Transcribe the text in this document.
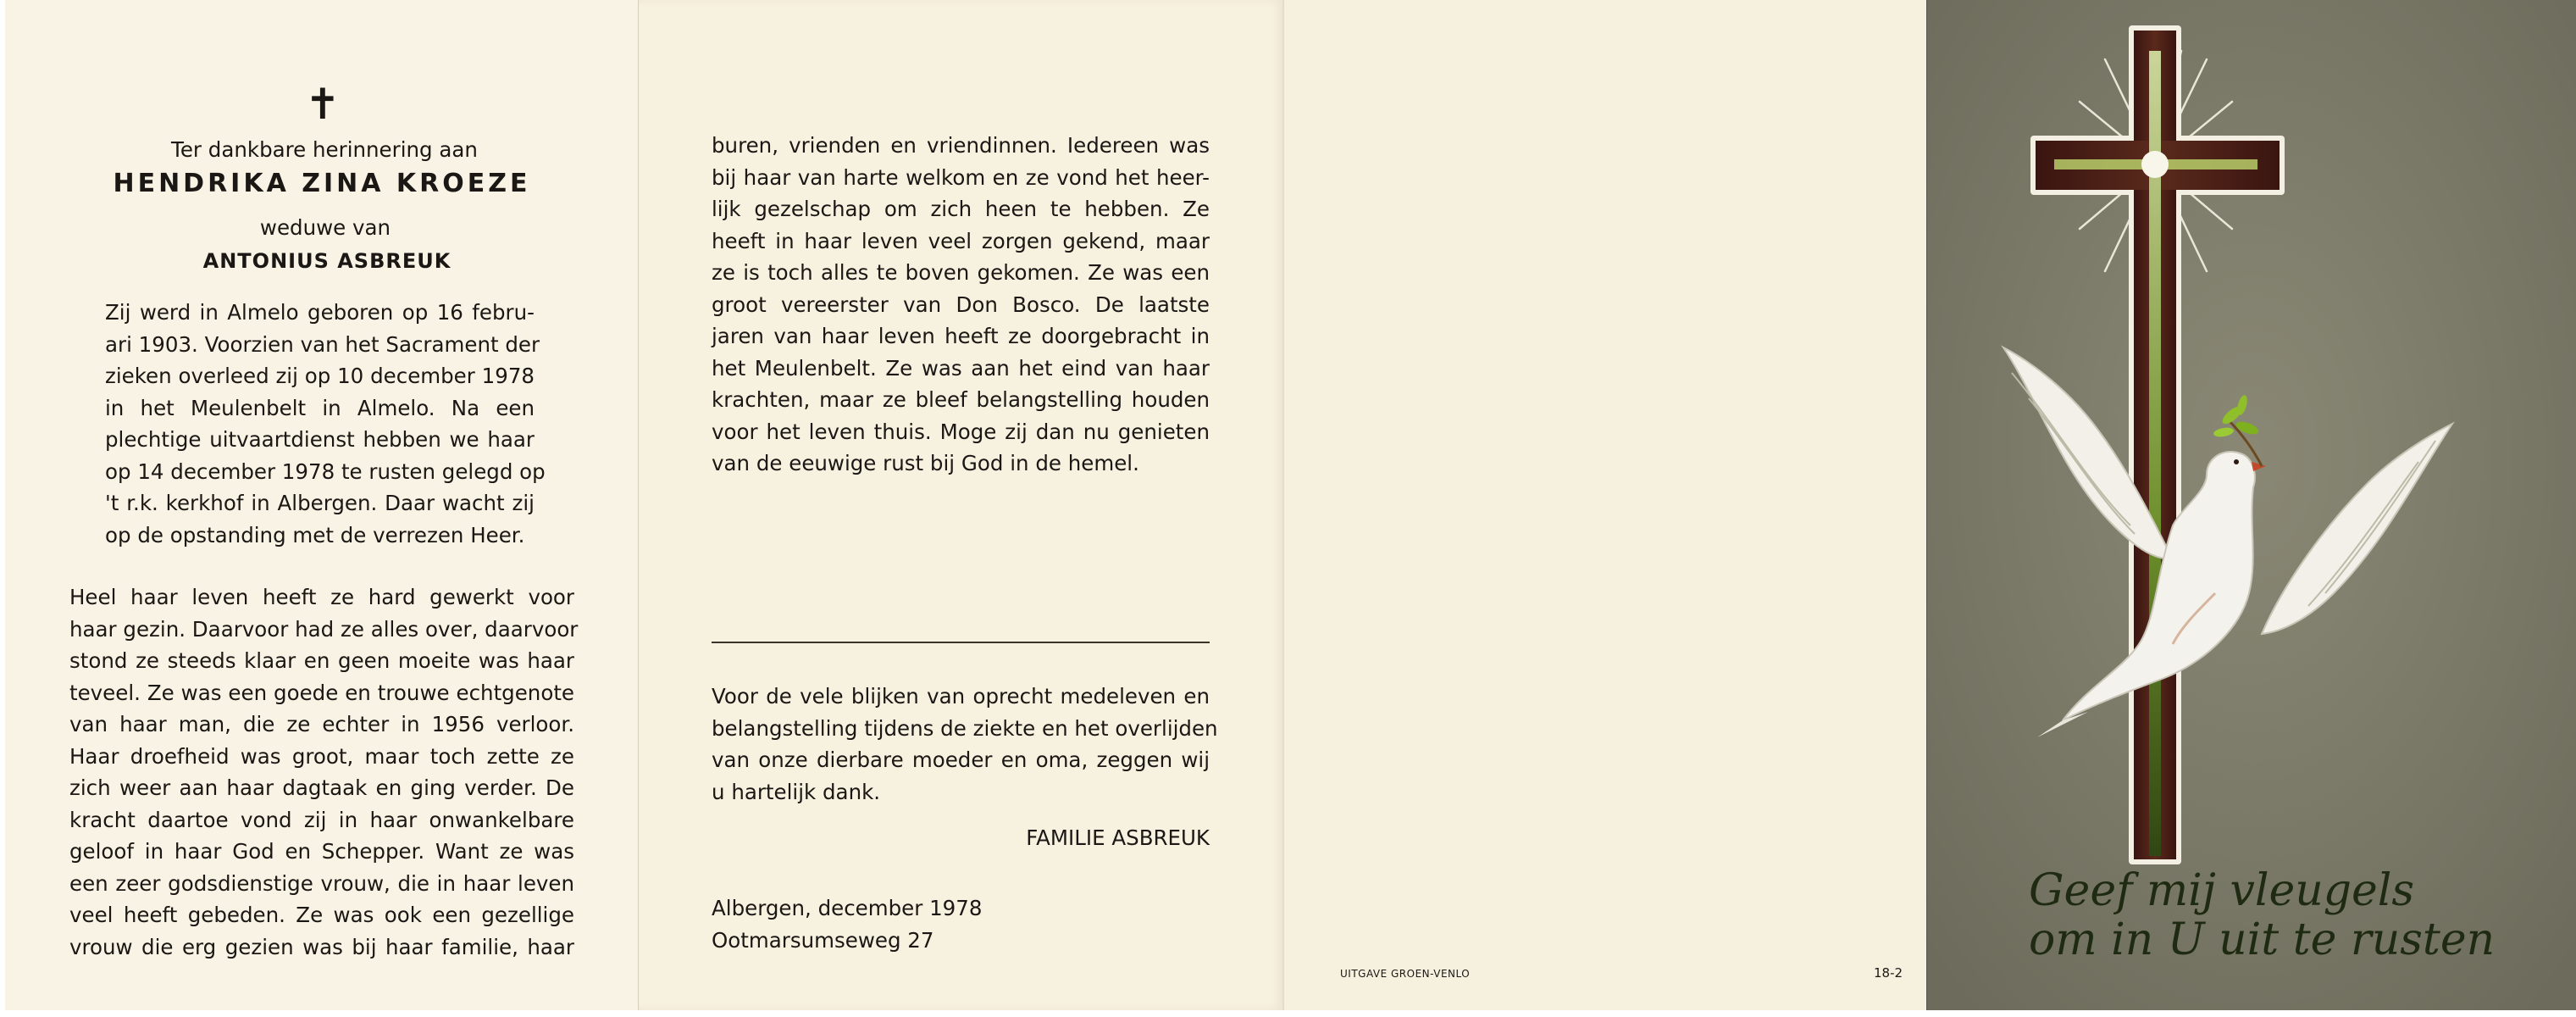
✝
Ter dankbare herinnering aan
HENDRIKA ZINA KROEZE
weduwe van
ANTONIUS ASBREUK
Zij werd in Almelo geboren op 16 febru-
ari 1903. Voorzien van het Sacrament der
zieken overleed zij op 10 december 1978
in het Meulenbelt in Almelo. Na een
plechtige uitvaartdienst hebben we haar
op 14 december 1978 te rusten gelegd op
't r.k. kerkhof in Albergen. Daar wacht zij
op de opstanding met de verrezen Heer.
Heel haar leven heeft ze hard gewerkt voor
haar gezin. Daarvoor had ze alles over, daarvoor
stond ze steeds klaar en geen moeite was haar
teveel. Ze was een goede en trouwe echtgenote
van haar man, die ze echter in 1956 verloor.
Haar droefheid was groot, maar toch zette ze
zich weer aan haar dagtaak en ging verder. De
kracht daartoe vond zij in haar onwankelbare
geloof in haar God en Schepper. Want ze was
een zeer godsdienstige vrouw, die in haar leven
veel heeft gebeden. Ze was ook een gezellige
vrouw die erg gezien was bij haar familie, haar
buren, vrienden en vriendinnen. Iedereen was
bij haar van harte welkom en ze vond het heer-
lijk gezelschap om zich heen te hebben. Ze
heeft in haar leven veel zorgen gekend, maar
ze is toch alles te boven gekomen. Ze was een
groot vereerster van Don Bosco. De laatste
jaren van haar leven heeft ze doorgebracht in
het Meulenbelt. Ze was aan het eind van haar
krachten, maar ze bleef belangstelling houden
voor het leven thuis. Moge zij dan nu genieten
van de eeuwige rust bij God in de hemel.
Voor de vele blijken van oprecht medeleven en
belangstelling tijdens de ziekte en het overlijden
van onze dierbare moeder en oma, zeggen wij
u hartelijk dank.
FAMILIE ASBREUK
Albergen, december 1978
Ootmarsumseweg 27
UITGAVE GROEN-VENLO	18-2
Geef mij vleugels
om in U uit te rusten
